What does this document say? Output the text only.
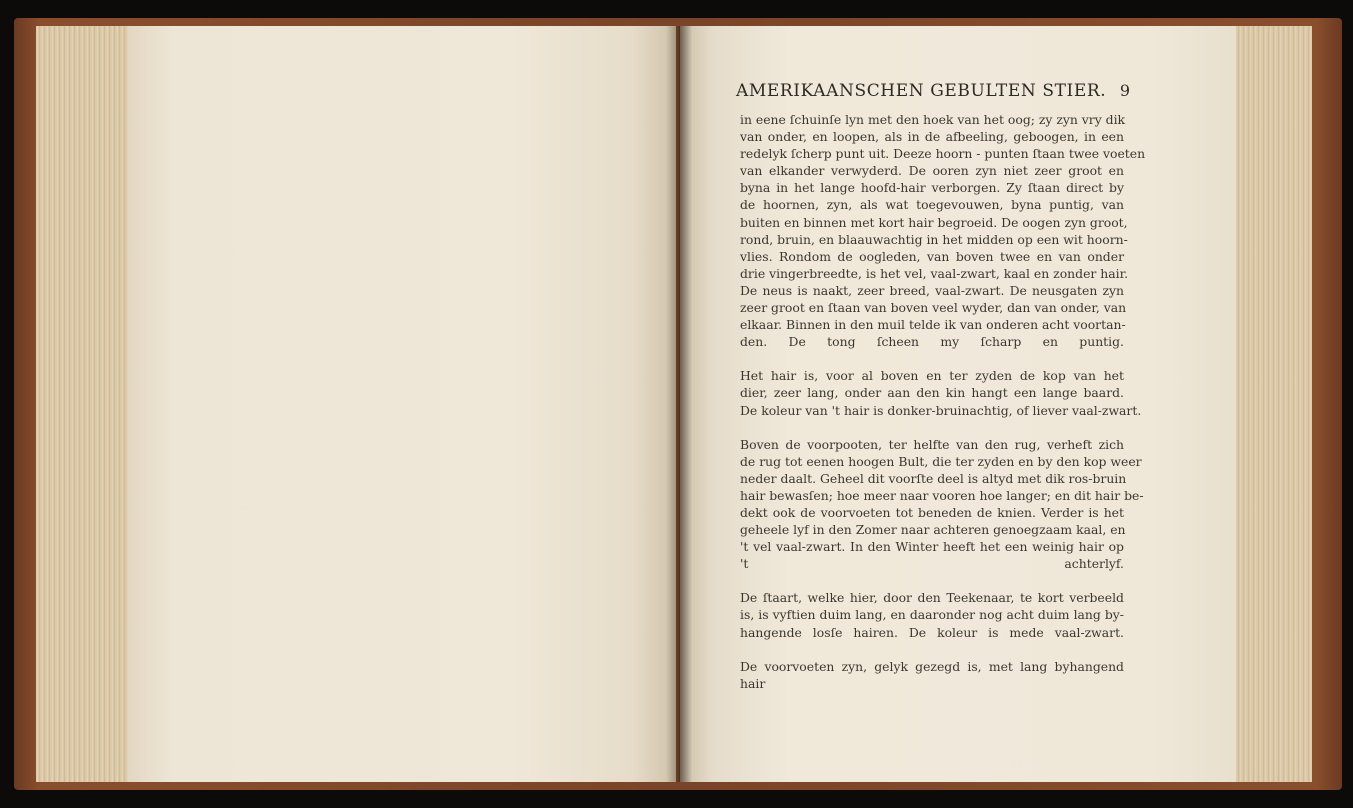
AMERIKAANSCHEN GEBULTEN STIER. 9

in eene ſchuinſe lyn met den hoek van het oog; zy zyn vry dik
van onder, en loopen, als in de afbeeling, geboogen, in een
redelyk ſcherp punt uit. Deeze hoorn - punten ſtaan twee voeten
van elkander verwyderd. De ooren zyn niet zeer groot en
byna in het lange hoofd-hair verborgen. Zy ſtaan direct by
de hoornen, zyn, als wat toegevouwen, byna puntig, van
buiten en binnen met kort hair begroeid. De oogen zyn groot,
rond, bruin, en blaauwachtig in het midden op een wit hoorn-
vlies. Rondom de oogleden, van boven twee en van onder
drie vingerbreedte, is het vel, vaal-zwart, kaal en zonder hair.
De neus is naakt, zeer breed, vaal-zwart. De neusgaten zyn
zeer groot en ſtaan van boven veel wyder, dan van onder, van
elkaar. Binnen in den muil telde ik van onderen acht voortan-
den. De tong ſcheen my ſcharp en puntig.

Het hair is, voor al boven en ter zyden de kop van het
dier, zeer lang, onder aan den kin hangt een lange baard.
De koleur van 't hair is donker-bruinachtig, of liever vaal-zwart.

Boven de voorpooten, ter helfte van den rug, verheft zich
de rug tot eenen hoogen Bult, die ter zyden en by den kop weer
neder daalt. Geheel dit voorſte deel is altyd met dik ros-bruin
hair bewasſen; hoe meer naar vooren hoe langer; en dit hair be-
dekt ook de voorvoeten tot beneden de knien. Verder is het
geheele lyf in den Zomer naar achteren genoegzaam kaal, en
't vel vaal-zwart. In den Winter heeft het een weinig hair op
't achterlyf.

De ſtaart, welke hier, door den Teekenaar, te kort verbeeld
is, is vyftien duim lang, en daaronder nog acht duim lang by-
hangende losſe hairen. De koleur is mede vaal-zwart.

De voorvoeten zyn, gelyk gezegd is, met lang byhangend
hair
